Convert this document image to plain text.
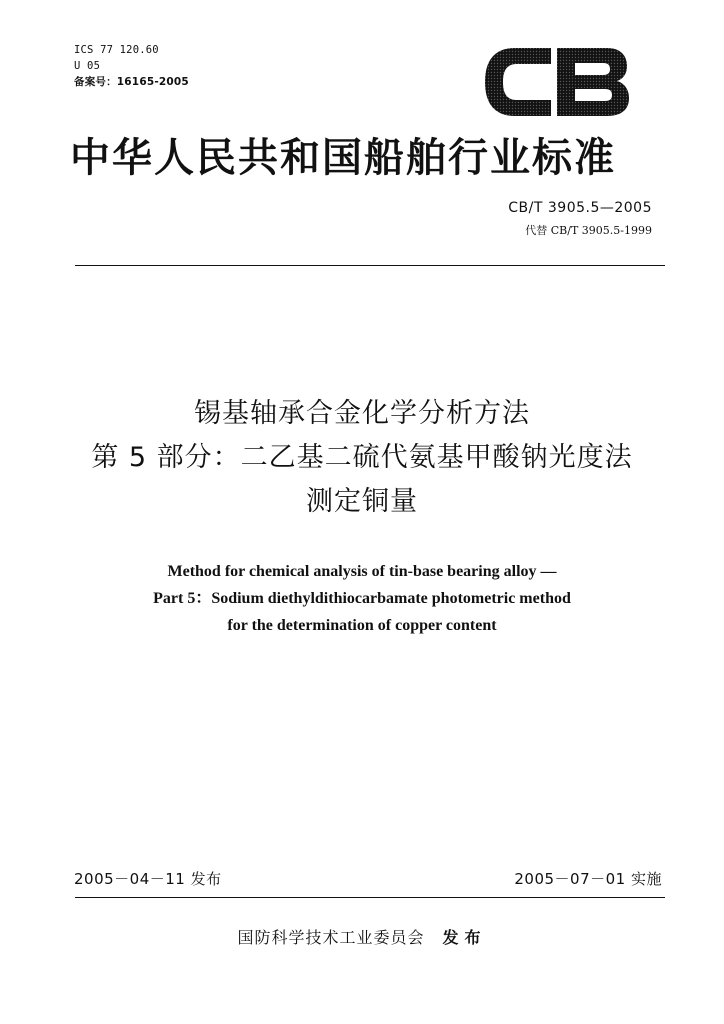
ICS 77 120.60
U 05
备案号：16165-2005
中华人民共和国船舶行业标准
CB/T 3905.5—2005
代替 CB/T 3905.5-1999
锡基轴承合金化学分析方法
第 5 部分：二乙基二硫代氨基甲酸钠光度法
测定铜量
Method for chemical analysis of tin-base bearing alloy —
Part 5：Sodium diethyldithiocarbamate photometric method
for the determination of copper content
2005－04－11 发布	2005－07－01 实施
国防科学技术工业委员会 发布
